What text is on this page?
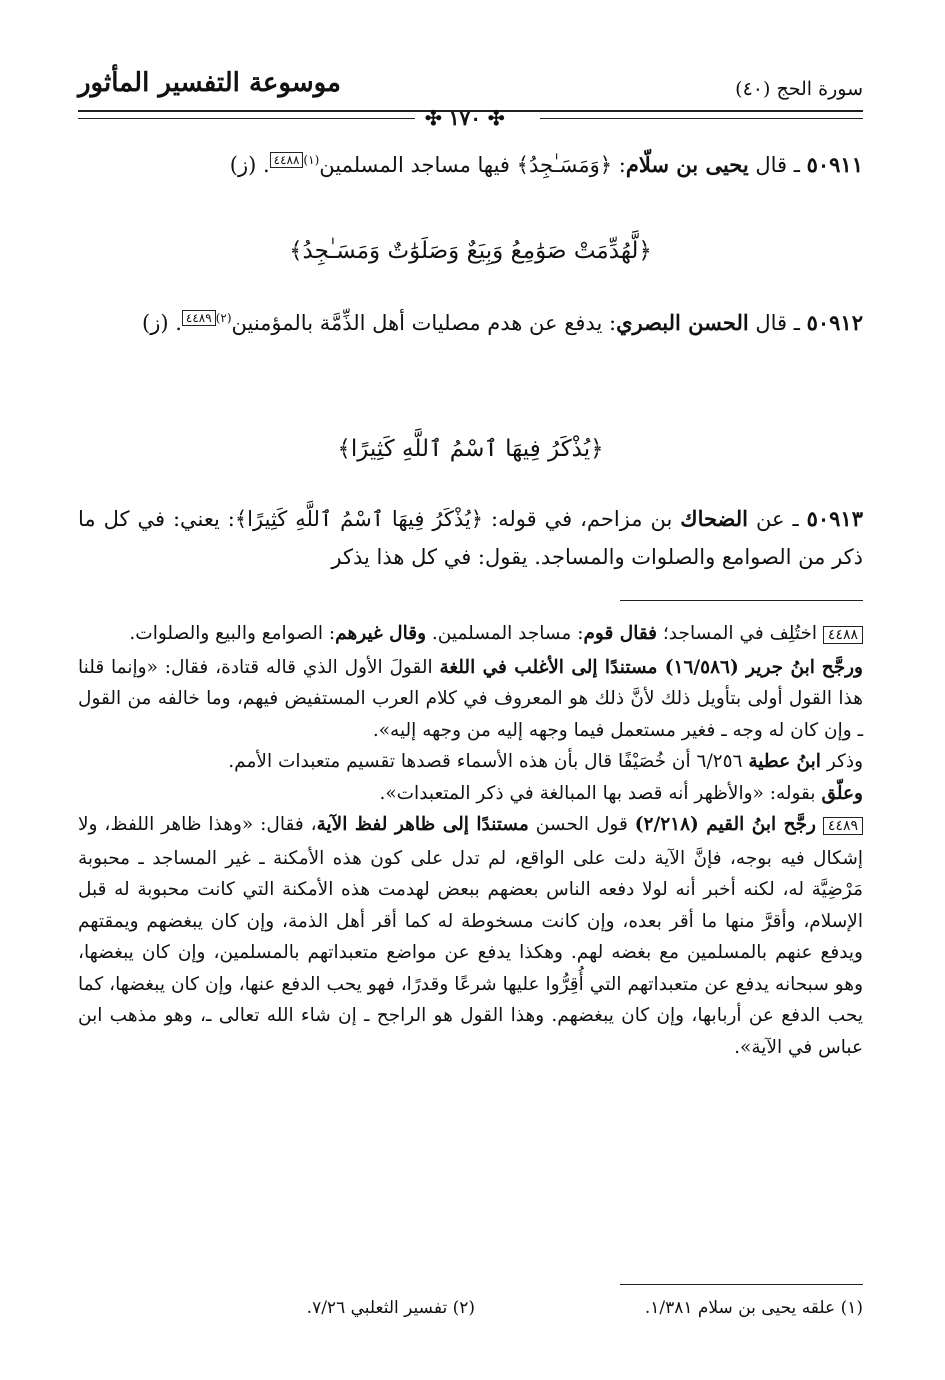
موسوعة التفسير المأثور	سورة الحج (٤٠)
✣ ١٧٠ ✣
٥٠٩١١ ـ قال يحيى بن سلّام: ﴿وَمَسَـٰجِدُ﴾ فيها مساجد المسلمين$^{(١)٤٤٨٨}$. (ز)
﴿لَّهُدِّمَتْ صَوَٰمِعُ وَبِيَعٌ وَصَلَوَٰتٌ وَمَسَـٰجِدُ﴾
٥٠٩١٢ ـ قال الحسن البصري: يدفع عن هدم مصليات أهل الذِّمَّة بالمؤمنين$^{(٢)٤٤٨٩}$. (ز)
﴿يُذْكَرُ فِيهَا ٱسْمُ ٱللَّهِ كَثِيرًا﴾
٥٠٩١٣ ـ عن الضحاك بن مزاحم، في قوله: ﴿يُذْكَرُ فِيهَا ٱسْمُ ٱللَّهِ كَثِيرًا﴾: يعني: في كل ما ذكر من الصوامع والصلوات والمساجد. يقول: في كل هذا يذكر
٤٤٨٨ اختُلِف في المساجد؛ فقال قوم: مساجد المسلمين. وقال غيرهم: الصوامع والبيع والصلوات.
ورجَّح ابنُ جرير (١٦/٥٨٦) مستندًا إلى الأغلب في اللغة القولَ الأول الذي قاله قتادة، فقال: «وإنما قلنا هذا القول أولى بتأويل ذلك لأنَّ ذلك هو المعروف في كلام العرب المستفيض فيهم، وما خالفه من القول ـ وإن كان له وجه ـ فغير مستعمل فيما وجهه إليه من وجهه إليه».
وذكر ابنُ عطية ٦/٢٥٦ أن خُصَيْفًا قال بأن هذه الأسماء قصدها تقسيم متعبدات الأمم.
وعلّق بقوله: «والأظهر أنه قصد بها المبالغة في ذكر المتعبدات».
٤٤٨٩ رجَّح ابنُ القيم (٢/٢١٨) قول الحسن مستندًا إلى ظاهر لفظ الآية، فقال: «وهذا ظاهر اللفظ، ولا إشكال فيه بوجه، فإنَّ الآية دلت على الواقع، لم تدل على كون هذه الأمكنة ـ غير المساجد ـ محبوبة مَرْضِيَّة له، لكنه أخبر أنه لولا دفعه الناس بعضهم ببعض لهدمت هذه الأمكنة التي كانت محبوبة له قبل الإسلام، وأقرَّ منها ما أقر بعده، وإن كانت مسخوطة له كما أقر أهل الذمة، وإن كان يبغضهم ويمقتهم ويدفع عنهم بالمسلمين مع بغضه لهم. وهكذا يدفع عن مواضع متعبداتهم بالمسلمين، وإن كان يبغضها، وهو سبحانه يدفع عن متعبداتهم التي أُقِرُّوا عليها شرعًا وقدرًا، فهو يحب الدفع عنها، وإن كان يبغضها، كما يحب الدفع عن أربابها، وإن كان يبغضهم. وهذا القول هو الراجح ـ إن شاء الله تعالى ـ، وهو مذهب ابن عباس في الآية».
(١) علقه يحيى بن سلام ١/٣٨١.
(٢) تفسير الثعلبي ٧/٢٦.
